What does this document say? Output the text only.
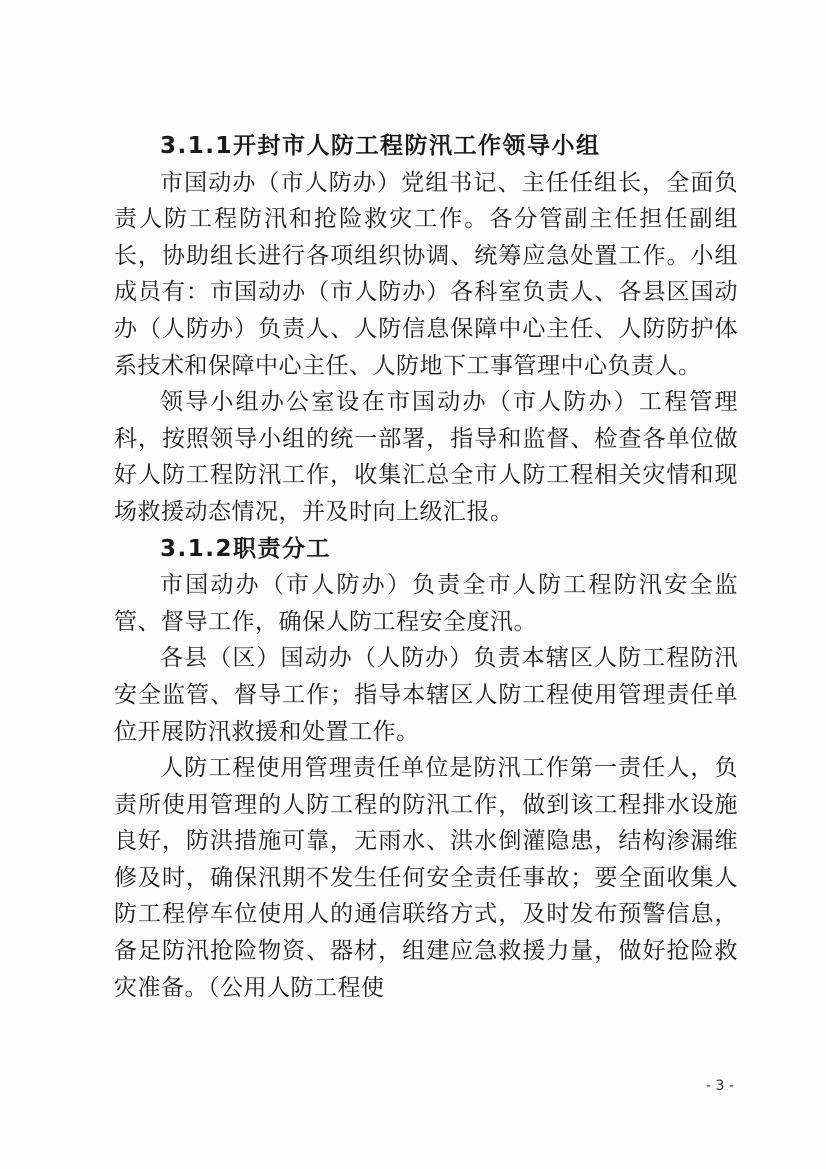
3.1.1开封市人防工程防汛工作领导小组

市国动办（市人防办）党组书记、主任任组长，全面负责人防工程防汛和抢险救灾工作。各分管副主任担任副组长，协助组长进行各项组织协调、统筹应急处置工作。小组成员有：市国动办（市人防办）各科室负责人、各县区国动办（人防办）负责人、人防信息保障中心主任、人防防护体系技术和保障中心主任、人防地下工事管理中心负责人。

领导小组办公室设在市国动办（市人防办）工程管理科，按照领导小组的统一部署，指导和监督、检查各单位做好人防工程防汛工作，收集汇总全市人防工程相关灾情和现场救援动态情况，并及时向上级汇报。

3.1.2职责分工

市国动办（市人防办）负责全市人防工程防汛安全监管、督导工作，确保人防工程安全度汛。

各县（区）国动办（人防办）负责本辖区人防工程防汛安全监管、督导工作；指导本辖区人防工程使用管理责任单位开展防汛救援和处置工作。

人防工程使用管理责任单位是防汛工作第一责任人，负责所使用管理的人防工程的防汛工作，做到该工程排水设施良好，防洪措施可靠，无雨水、洪水倒灌隐患，结构渗漏维修及时，确保汛期不发生任何安全责任事故；要全面收集人防工程停车位使用人的通信联络方式，及时发布预警信息，备足防汛抢险物资、器材，组建应急救援力量，做好抢险救灾准备。（公用人防工程使

- 3 -
